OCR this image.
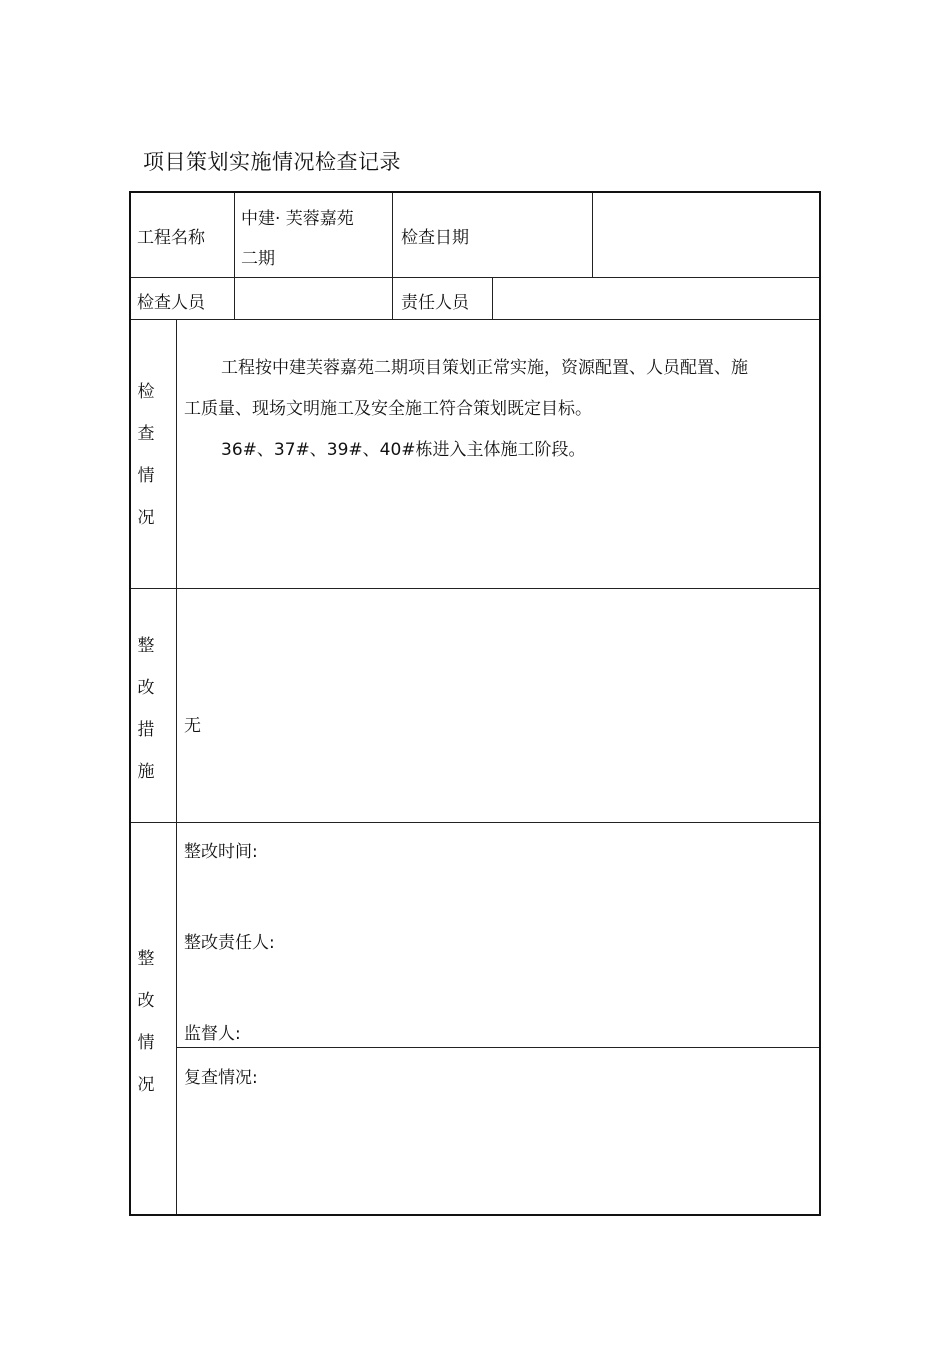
项目策划实施情况检查记录
工程名称
中建· 芙蓉嘉苑
二期
检查日期
检查人员	责任人员
检
查
情
况
工程按中建芙蓉嘉苑二期项目策划正常实施，资源配置、人员配置、施
工质量、现场文明施工及安全施工符合策划既定目标。
36#、37#、39#、40#栋进入主体施工阶段。
整
改
措
施
无
整
改
情
况
整改时间:
整改责任人:
监督人:
复查情况:
